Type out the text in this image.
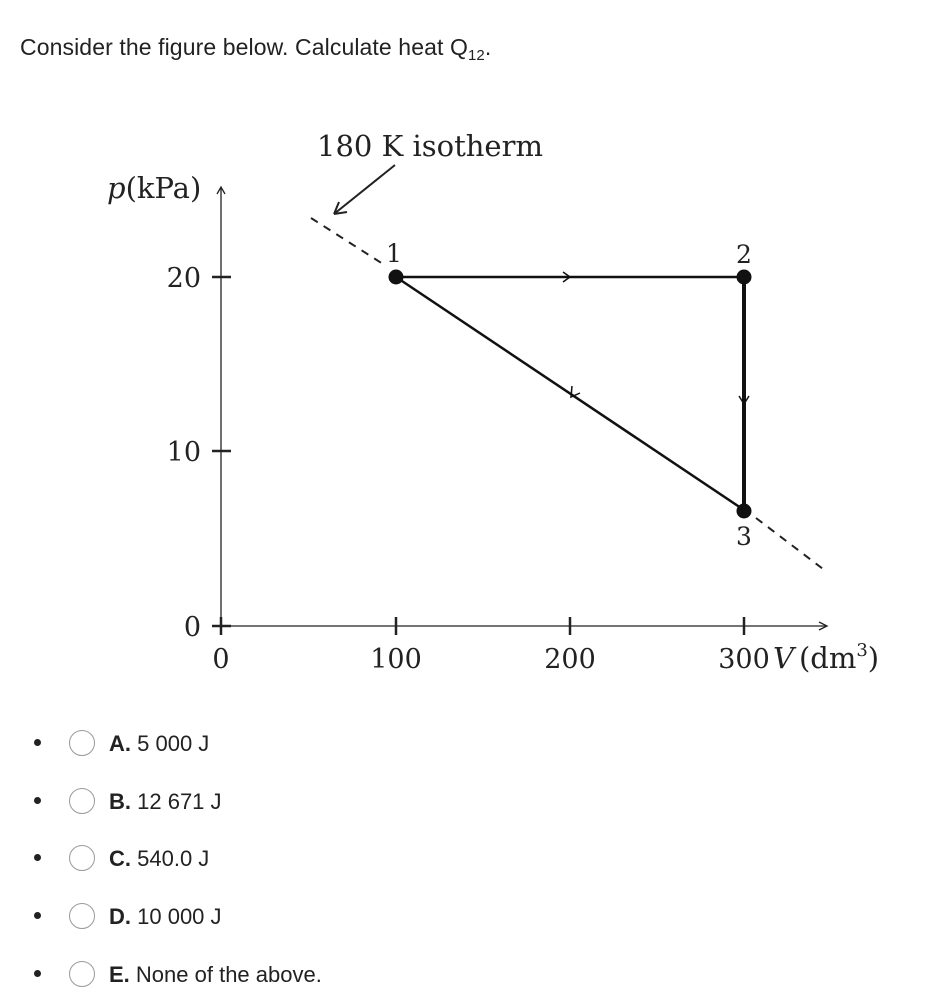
Consider the figure below. Calculate heat $Q_{12}$.
180 K isotherm
p(kPa)
20
10
0
0	100	200	300 V $(dm^3)$
1	2
3
A. 5 000 J
B. 12 671 J
C. 540.0 J
D. 10 000 J
E. None of the above.
